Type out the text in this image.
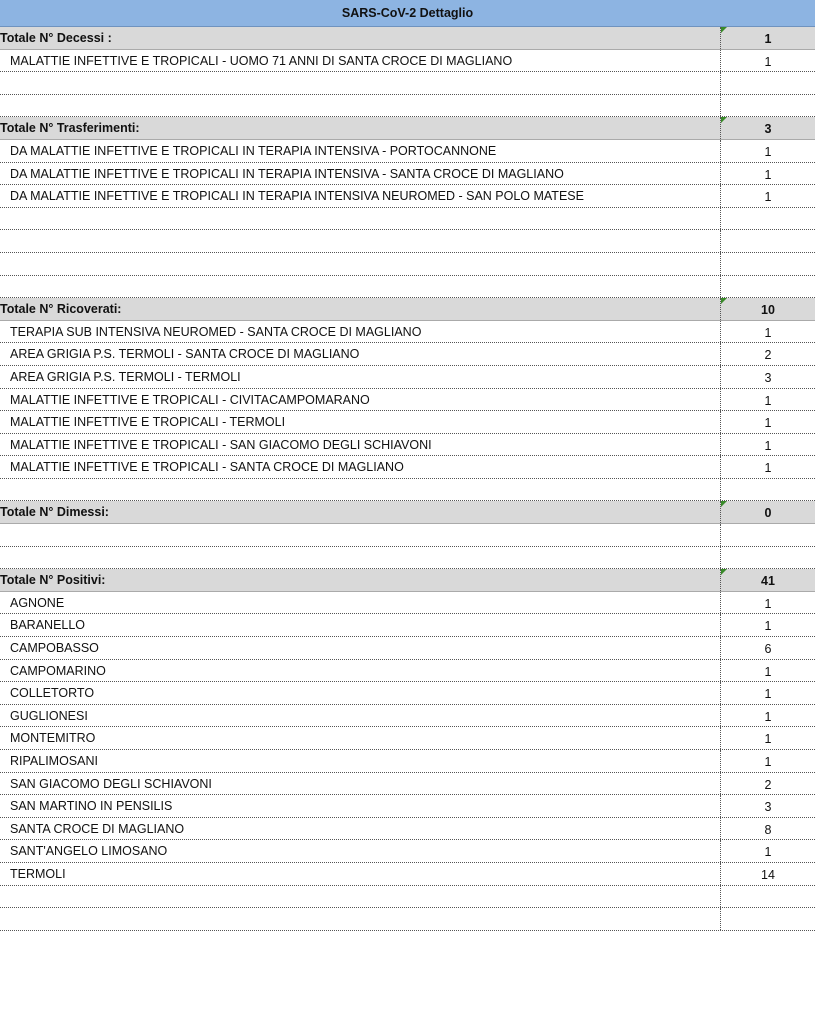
SARS-CoV-2 Dettaglio
Totale N° Decessi :	1
MALATTIE INFETTIVE E TROPICALI - UOMO 71 ANNI DI SANTA CROCE DI MAGLIANO	1
Totale N° Trasferimenti:	3
DA MALATTIE INFETTIVE E TROPICALI IN TERAPIA INTENSIVA - PORTOCANNONE	1
DA MALATTIE INFETTIVE E TROPICALI IN TERAPIA INTENSIVA - SANTA CROCE DI MAGLIANO	1
DA MALATTIE INFETTIVE E TROPICALI IN TERAPIA INTENSIVA NEUROMED - SAN POLO MATESE	1
Totale N° Ricoverati:	10
TERAPIA SUB INTENSIVA NEUROMED - SANTA CROCE DI MAGLIANO	1
AREA GRIGIA P.S. TERMOLI - SANTA CROCE DI MAGLIANO	2
AREA GRIGIA P.S. TERMOLI - TERMOLI	3
MALATTIE INFETTIVE E TROPICALI - CIVITACAMPOMARANO	1
MALATTIE INFETTIVE E TROPICALI - TERMOLI	1
MALATTIE INFETTIVE E TROPICALI - SAN GIACOMO DEGLI SCHIAVONI	1
MALATTIE INFETTIVE E TROPICALI - SANTA CROCE DI MAGLIANO	1
Totale N° Dimessi:	0
Totale N° Positivi:	41
AGNONE	1
BARANELLO	1
CAMPOBASSO	6
CAMPOMARINO	1
COLLETORTO	1
GUGLIONESI	1
MONTEMITRO	1
RIPALIMOSANI	1
SAN GIACOMO DEGLI SCHIAVONI	2
SAN MARTINO IN PENSILIS	3
SANTA CROCE DI MAGLIANO	8
SANT'ANGELO LIMOSANO	1
TERMOLI	14
